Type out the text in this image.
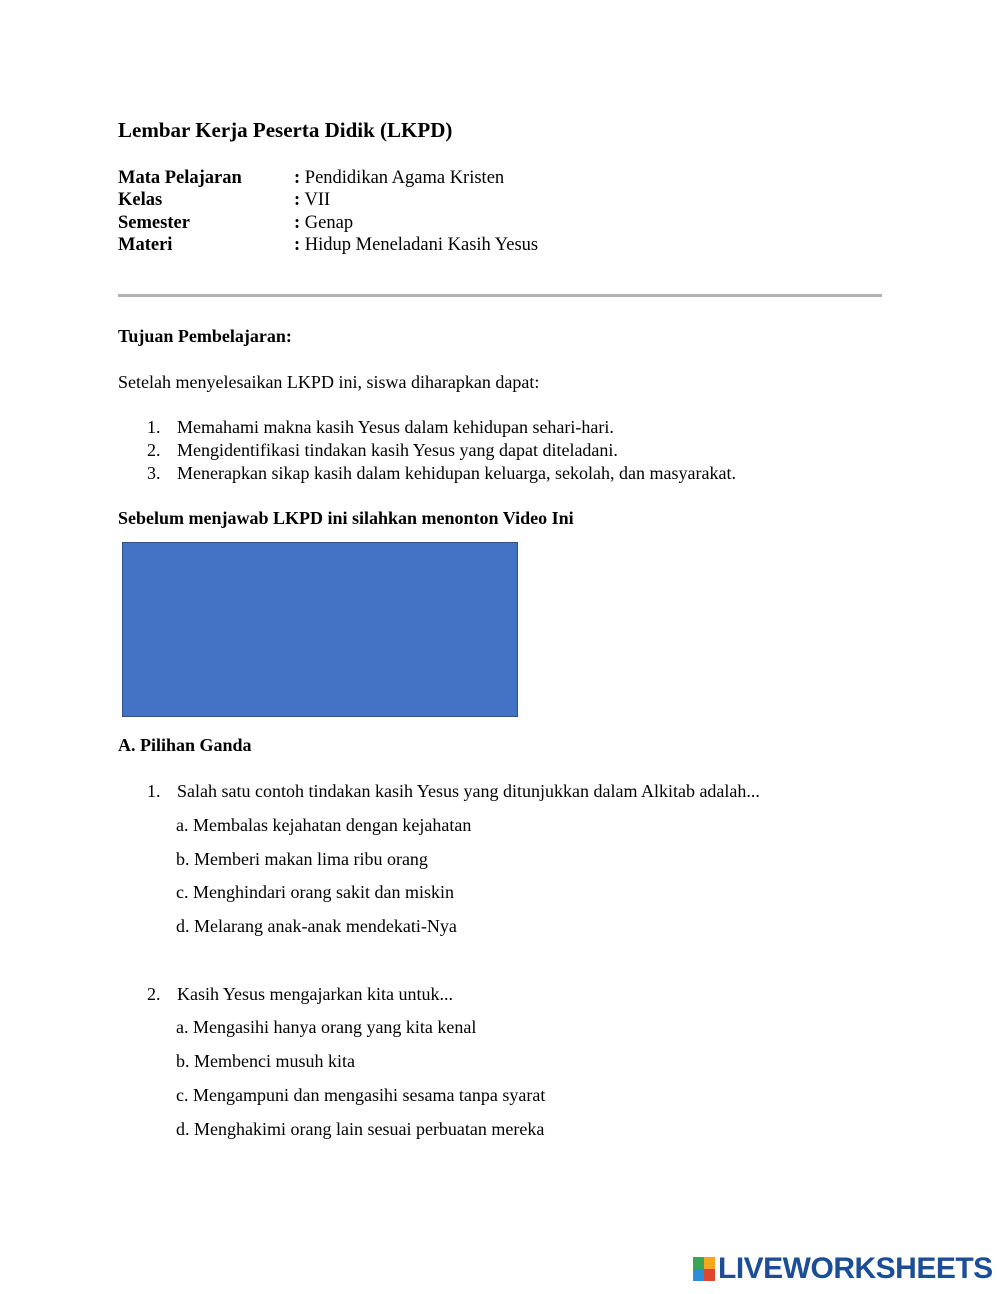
Lembar Kerja Peserta Didik (LKPD)
Mata Pelajaran	: Pendidikan Agama Kristen
Kelas	: VII
Semester	: Genap
Materi	: Hidup Meneladani Kasih Yesus
Tujuan Pembelajaran:
Setelah menyelesaikan LKPD ini, siswa diharapkan dapat:
1. Memahami makna kasih Yesus dalam kehidupan sehari-hari.
2. Mengidentifikasi tindakan kasih Yesus yang dapat diteladani.
3. Menerapkan sikap kasih dalam kehidupan keluarga, sekolah, dan masyarakat.
Sebelum menjawab LKPD ini silahkan menonton Video Ini
A. Pilihan Ganda
1. Salah satu contoh tindakan kasih Yesus yang ditunjukkan dalam Alkitab adalah...
a. Membalas kejahatan dengan kejahatan
b. Memberi makan lima ribu orang
c. Menghindari orang sakit dan miskin
d. Melarang anak-anak mendekati-Nya
2. Kasih Yesus mengajarkan kita untuk...
a. Mengasihi hanya orang yang kita kenal
b. Membenci musuh kita
c. Mengampuni dan mengasihi sesama tanpa syarat
d. Menghakimi orang lain sesuai perbuatan mereka
LIVEWORKSHEETS
